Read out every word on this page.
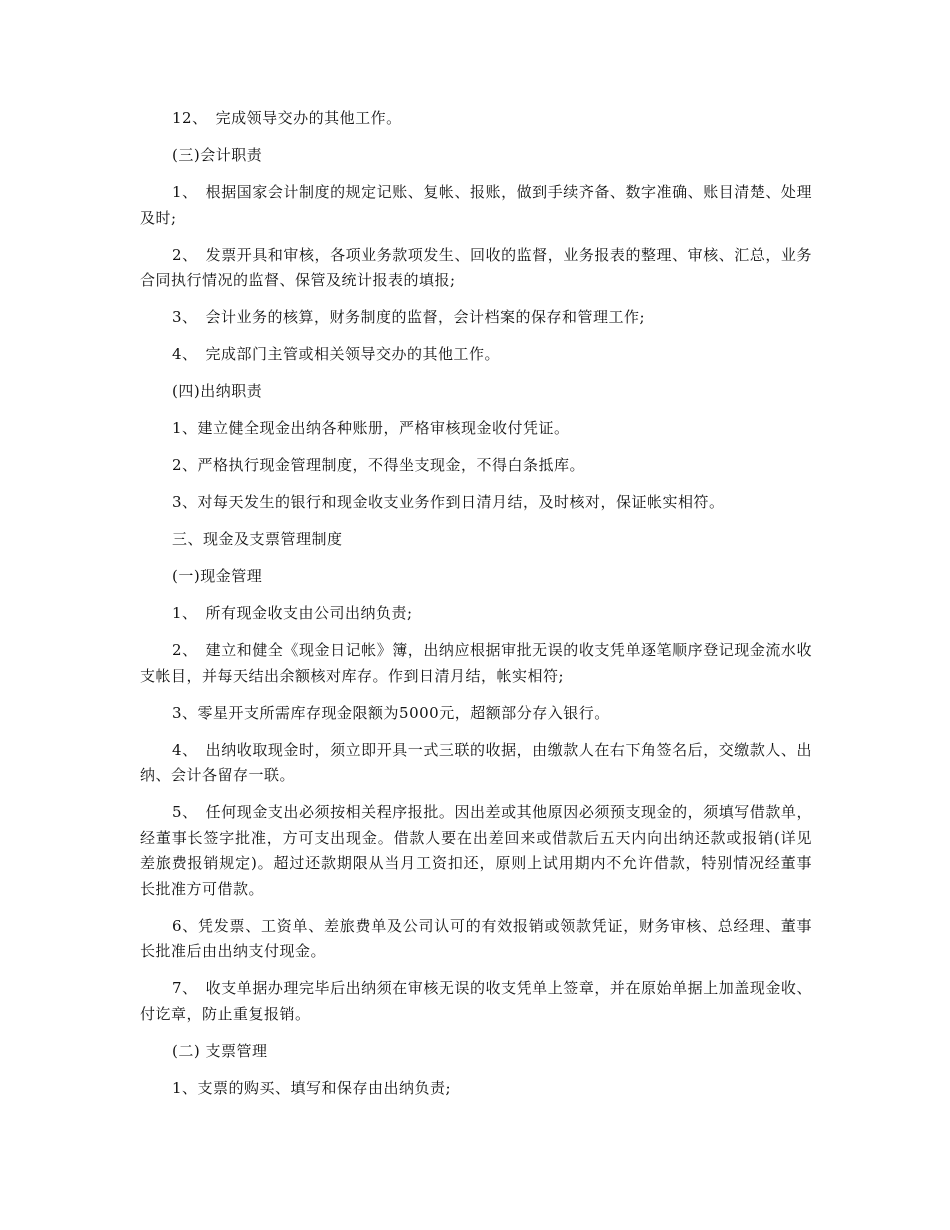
12、　完成领导交办的其他工作。

(三)会计职责

1、　根据国家会计制度的规定记账、复帐、报账，做到手续齐备、数字准确、账目清楚、处理及时;

2、　发票开具和审核，各项业务款项发生、回收的监督，业务报表的整理、审核、汇总，业务合同执行情况的监督、保管及统计报表的填报;

3、　会计业务的核算，财务制度的监督，会计档案的保存和管理工作;

4、　完成部门主管或相关领导交办的其他工作。

(四)出纳职责

1、建立健全现金出纳各种账册，严格审核现金收付凭证。

2、严格执行现金管理制度，不得坐支现金，不得白条抵库。

3、对每天发生的银行和现金收支业务作到日清月结，及时核对，保证帐实相符。

三、现金及支票管理制度

(一)现金管理

1、　所有现金收支由公司出纳负责;

2、　建立和健全《现金日记帐》簿，出纳应根据审批无误的收支凭单逐笔顺序登记现金流水收支帐目，并每天结出余额核对库存。作到日清月结，帐实相符;

3、零星开支所需库存现金限额为5000元，超额部分存入银行。

4、　出纳收取现金时，须立即开具一式三联的收据，由缴款人在右下角签名后，交缴款人、出纳、会计各留存一联。

5、　任何现金支出必须按相关程序报批。因出差或其他原因必须预支现金的，须填写借款单，经董事长签字批准，方可支出现金。借款人要在出差回来或借款后五天内向出纳还款或报销(详见差旅费报销规定)。超过还款期限从当月工资扣还，原则上试用期内不允许借款，特别情况经董事长批准方可借款。

6、凭发票、工资单、差旅费单及公司认可的有效报销或领款凭证，财务审核、总经理、董事长批准后由出纳支付现金。

7、　收支单据办理完毕后出纳须在审核无误的收支凭单上签章，并在原始单据上加盖现金收、付讫章，防止重复报销。

(二) 支票管理

1、支票的购买、填写和保存由出纳负责;
